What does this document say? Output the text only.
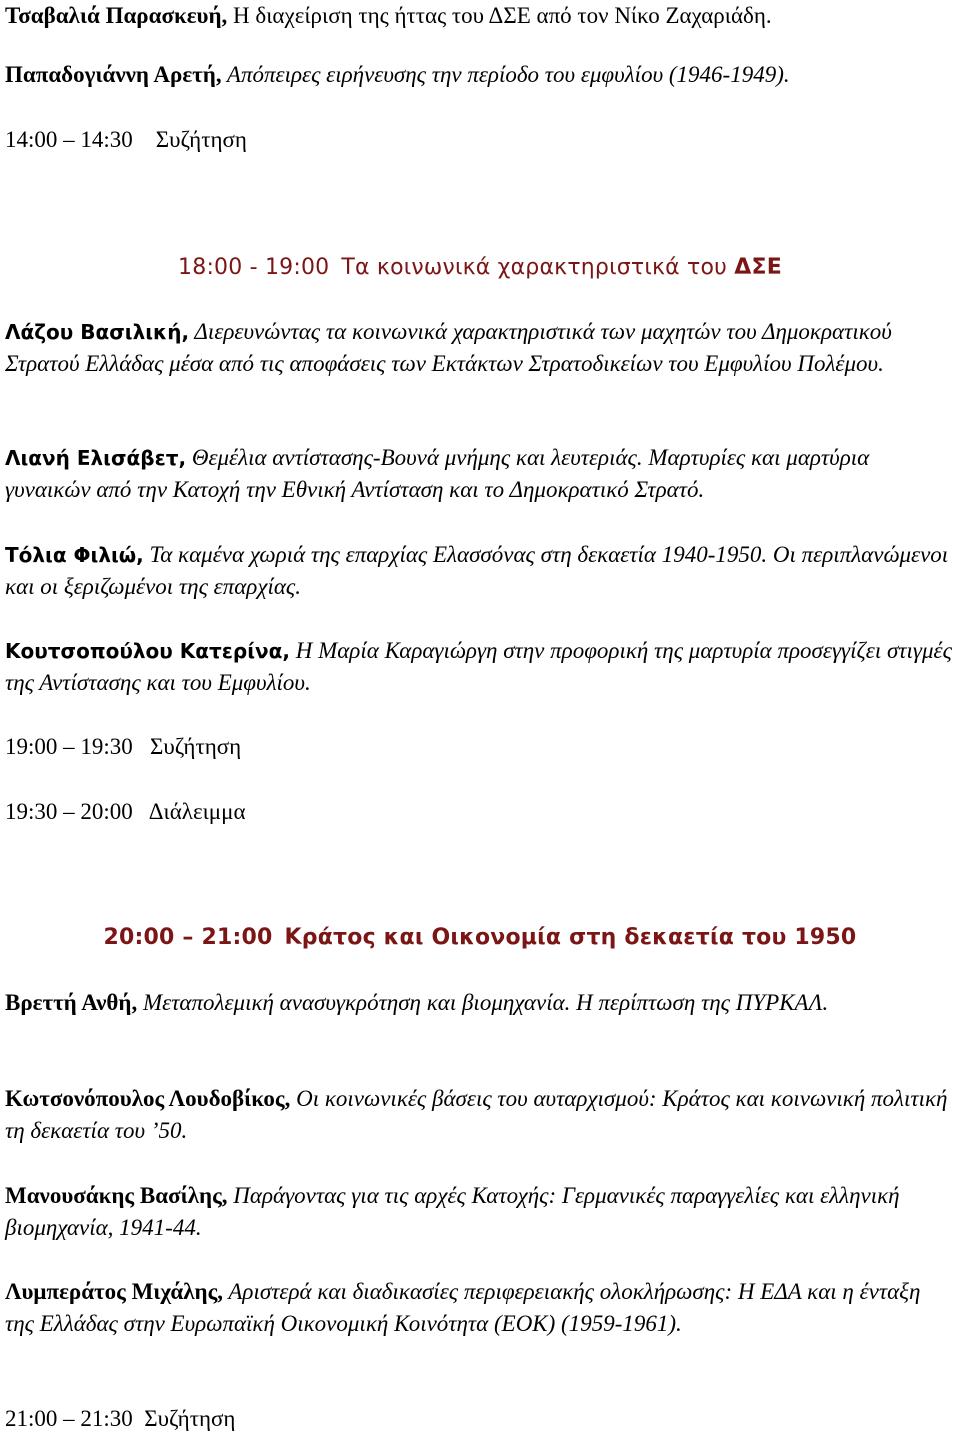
Τσαβαλιά Παρασκευή, Η διαχείριση της ήττας του ΔΣΕ από τον Νίκο Ζαχαριάδη.
Παπαδογιάννη Αρετή, Απόπειρες ειρήνευσης την περίοδο του εμφυλίου (1946-1949).
14:00 – 14:30 Συζήτηση
18:00 - 19:00 Τα κοινωνικά χαρακτηριστικά του ΔΣΕ
Λάζου Βασιλική, Διερευνώντας τα κοινωνικά χαρακτηριστικά των μαχητών του Δημοκρατικού Στρατού Ελλάδας μέσα από τις αποφάσεις των Εκτάκτων Στρατοδικείων του Εμφυλίου Πολέμου.
Λιανή Ελισάβετ, Θεμέλια αντίστασης-Βουνά μνήμης και λευτεριάς. Μαρτυρίες και μαρτύρια γυναικών από την Κατοχή την Εθνική Αντίσταση και το Δημοκρατικό Στρατό.
Τόλια Φιλιώ, Τα καμένα χωριά της επαρχίας Ελασσόνας στη δεκαετία 1940-1950. Οι περιπλανώμενοι και οι ξεριζωμένοι της επαρχίας.
Κουτσοπούλου Κατερίνα, Η Μαρία Καραγιώργη στην προφορική της μαρτυρία προσεγγίζει στιγμές της Αντίστασης και του Εμφυλίου.
19:00 – 19:30 Συζήτηση
19:30 – 20:00 Διάλειμμα
20:00 – 21:00 Κράτος και Οικονομία στη δεκαετία του 1950
Βρεττή Ανθή, Μεταπολεμική ανασυγκρότηση και βιομηχανία. Η περίπτωση της ΠΥΡΚΑΛ.
Κωτσονόπουλος Λουδοβίκος, Οι κοινωνικές βάσεις του αυταρχισμού: Κράτος και κοινωνική πολιτική τη δεκαετία του ’50.
Μανουσάκης Βασίλης, Παράγοντας για τις αρχές Κατοχής: Γερμανικές παραγγελίες και ελληνική βιομηχανία, 1941-44.
Λυμπεράτος Μιχάλης, Αριστερά και διαδικασίες περιφερειακής ολοκλήρωσης: Η ΕΔΑ και η ένταξη της Ελλάδας στην Ευρωπαϊκή Οικονομική Κοινότητα (ΕΟΚ) (1959-1961).
21:00 – 21:30 Συζήτηση
